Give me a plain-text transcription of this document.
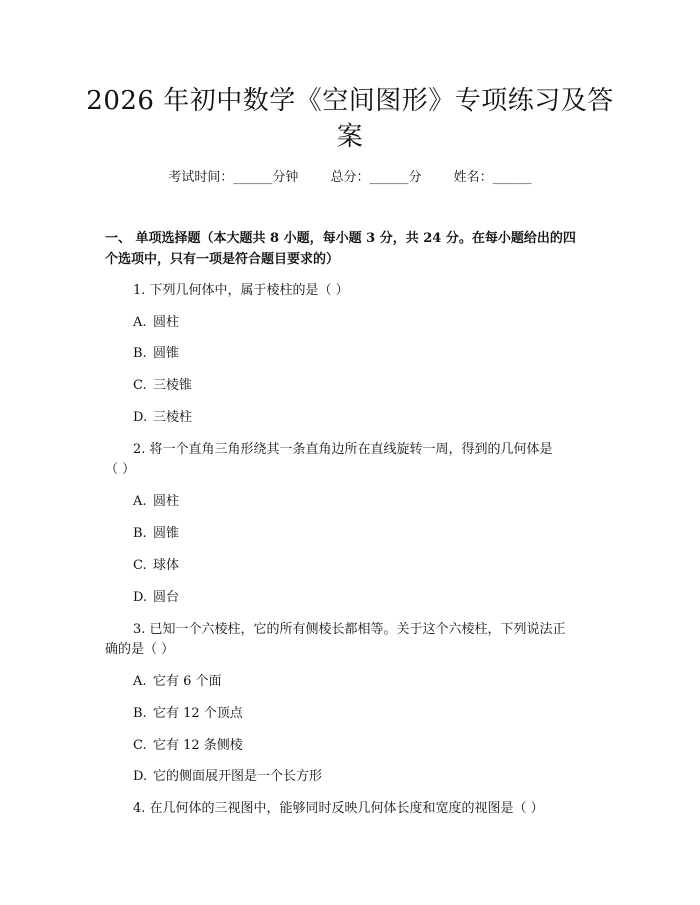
2026 年初中数学《空间图形》专项练习及答
案
考试时间：______分钟 总分：______分 姓名：______
一、 单项选择题（本大题共 8 小题，每小题 3 分，共 24 分。在每小题给出的四
个选项中，只有一项是符合题目要求的）
1. 下列几何体中，属于棱柱的是（ ）
A. 圆柱
B. 圆锥
C. 三棱锥
D. 三棱柱
2. 将一个直角三角形绕其一条直角边所在直线旋转一周，得到的几何体是
（ ）
A. 圆柱
B. 圆锥
C. 球体
D. 圆台
3. 已知一个六棱柱，它的所有侧棱长都相等。关于这个六棱柱，下列说法正
确的是（ ）
A. 它有 6 个面
B. 它有 12 个顶点
C. 它有 12 条侧棱
D. 它的侧面展开图是一个长方形
4. 在几何体的三视图中，能够同时反映几何体长度和宽度的视图是（ ）
